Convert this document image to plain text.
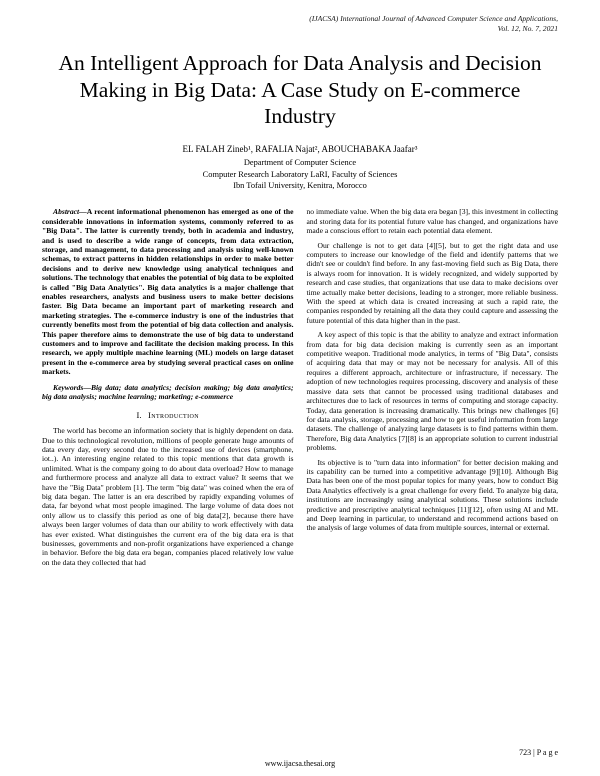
(IJACSA) International Journal of Advanced Computer Science and Applications,
Vol. 12, No. 7, 2021
An Intelligent Approach for Data Analysis and Decision Making in Big Data: A Case Study on E-commerce Industry
EL FALAH Zineb¹, RAFALIA Najat², ABOUCHABAKA Jaafar³
Department of Computer Science
Computer Research Laboratory LaRI, Faculty of Sciences
Ibn Tofail University, Kenitra, Morocco

Abstract—A recent informational phenomenon has emerged as one of the considerable innovations in information systems, commonly referred to as "Big Data". The latter is currently trendy, both in academia and industry, and is used to describe a wide range of concepts, from data extraction, storage, and management, to data processing and analysis using well-known schemas, to extract patterns in hidden relationships in order to make better decisions and to derive new knowledge using analytical techniques and solutions. The technology that enables the potential of big data to be exploited is called "Big Data Analytics". Big data analytics is a major challenge that enables researchers, analysts and business users to make better decisions faster. Big Data became an important part of marketing research and marketing strategies. The e-commerce industry is one of the industries that currently benefits most from the potential of big data collection and analysis. This paper therefore aims to demonstrate the use of big data to understand customers and to improve and facilitate the decision making process. In this research, we apply multiple machine learning (ML) models on large dataset present in the e-commerce area by studying several practical cases on online markets.

Keywords—Big data; data analytics; decision making; big data analytics; big data analysis; machine learning; marketing; e-commerce

I. Introduction

The world has become an information society that is highly dependent on data. Due to this technological revolution, millions of people generate huge amounts of data every day, every second due to the increased use of devices (smartphone, iot..). An interesting engine related to this topic mentions that data growth is unlimited. What is the company going to do about data overload? How to manage and furthermore process and analyze all data to extract value? It seems that we have the "Big Data" problem [1]. The term "big data" was coined when the era of big data began. The latter is an era described by rapidly expanding volumes of data, far beyond what most people imagined. The large volume of data does not only allow us to classify this period as one of big data[2], because there have always been larger volumes of data than our ability to work effectively with data has ever existed. What distinguishes the current era of the big data era is that businesses, governments and non-profit organizations have experienced a change in behavior. Before the big data era began, companies placed relatively low value on the data they collected that had

no immediate value. When the big data era began [3], this investment in collecting and storing data for its potential future value has changed, and organizations have made a conscious effort to retain each potential data element.

Our challenge is not to get data [4][5], but to get the right data and use computers to increase our knowledge of the field and identify patterns that we didn't see or couldn't find before. In any fast-moving field such as Big Data, there is always room for innovation. It is widely recognized, and widely supported by research and case studies, that organizations that use data to make decisions over time actually make better decisions, leading to a stronger, more reliable business. With the speed at which data is created increasing at such a rapid rate, the companies responded by retaining all the data they could capture and assessing the future potential of this data higher than in the past.

A key aspect of this topic is that the ability to analyze and extract information from data for big data decision making is currently seen as an important competitive weapon. Traditional mode analytics, in terms of "Big Data", consists of acquiring data that may or may not be necessary for analysis. All of this requires a different approach, architecture or infrastructure, if necessary. The adoption of new technologies requires processing, discovery and analysis of these massive data sets that cannot be processed using traditional databases and architectures due to lack of resources in terms of computing and storage capacity. Today, data generation is increasing dramatically. This brings new challenges [6] for data analysis, storage, processing and how to get useful information from large datasets. The challenge of analyzing large datasets is to find patterns within them. Therefore, Big data Analytics [7][8] is an appropriate solution to current industrial problems.

Its objective is to "turn data into information" for better decision making and its capability can be turned into a competitive advantage [9][10]. Although Big Data has been one of the most popular topics for many years, how to conduct Big Data Analytics effectively is a great challenge for every field. To analyze big data, institutions are increasingly using analytical solutions. These solutions include predictive and prescriptive analytical techniques [11][12], often using AI and ML and Deep learning in particular, to understand and recommend actions based on the analysis of large volumes of data from multiple sources, internal or external.

723 | P a g e
www.ijacsa.thesai.org
